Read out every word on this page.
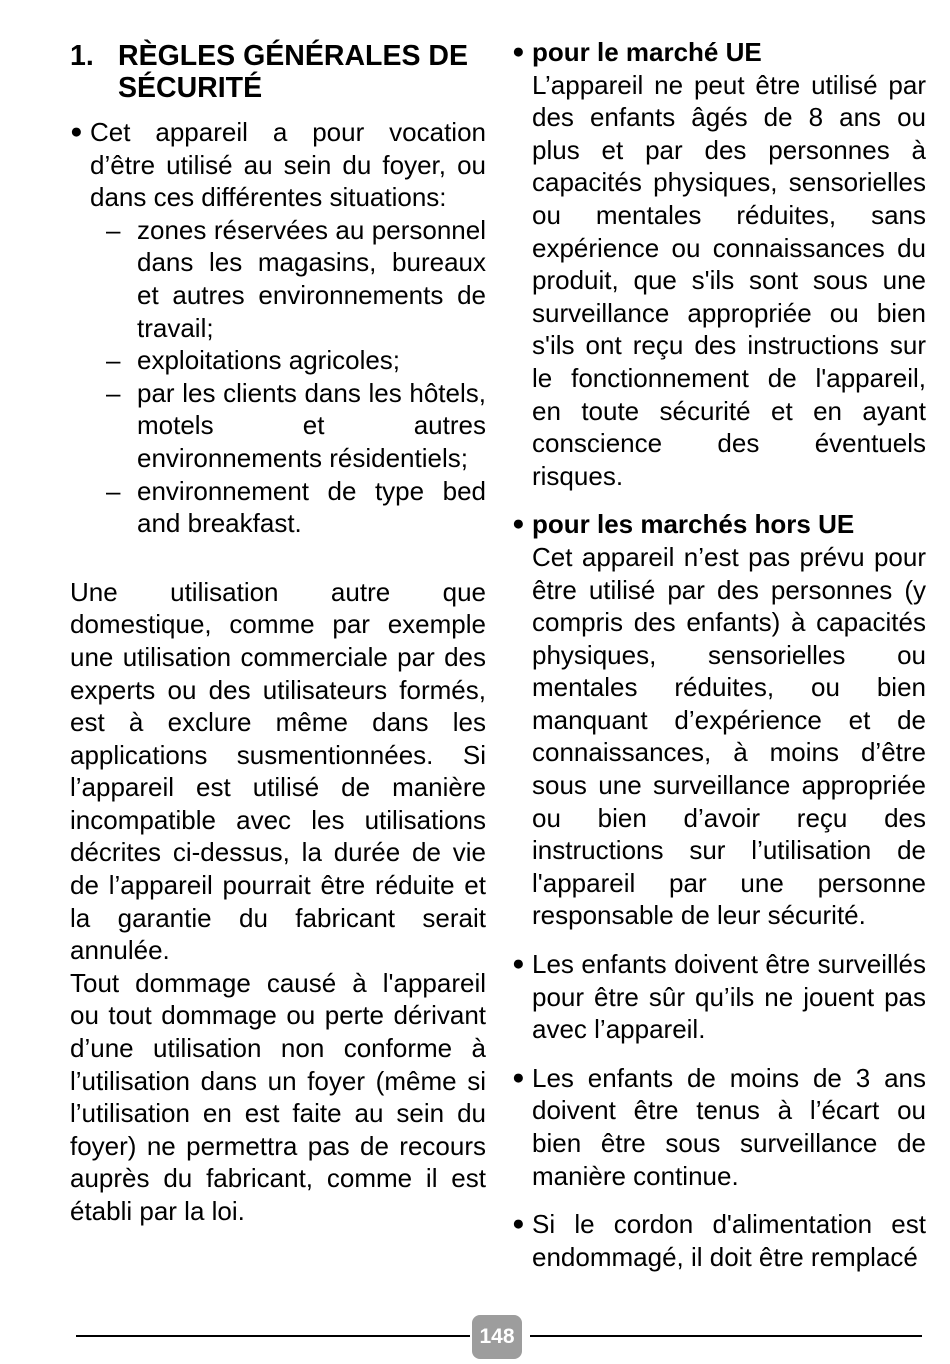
1. RÈGLES GÉNÉRALES DE SÉCURITÉ
● Cet appareil a pour vocation d’être utilisé au sein du foyer, ou dans ces différentes situations:
– zones réservées au personnel dans les magasins, bureaux et autres environnements de travail;
– exploitations agricoles;
– par les clients dans les hôtels, motels et autres environnements résidentiels;
– environnement de type bed and breakfast.
Une utilisation autre que domestique, comme par exemple une utilisation commerciale par des experts ou des utilisateurs formés, est à exclure même dans les applications susmentionnées. Si l’appareil est utilisé de manière incompatible avec les utilisations décrites ci-dessus, la durée de vie de l’appareil pourrait être réduite et la garantie du fabricant serait annulée.
Tout dommage causé à l'appareil ou tout dommage ou perte dérivant d’une utilisation non conforme à l’utilisation dans un foyer (même si l’utilisation en est faite au sein du foyer) ne permettra pas de recours auprès du fabricant, comme il est établi par la loi.
● pour le marché UE
L’appareil ne peut être utilisé par des enfants âgés de 8 ans ou plus et par des personnes à capacités physiques, sensorielles ou mentales réduites, sans expérience ou connaissances du produit, que s'ils sont sous une surveillance appropriée ou bien s'ils ont reçu des instructions sur le fonctionnement de l'appareil, en toute sécurité et en ayant conscience des éventuels risques.
● pour les marchés hors UE
Cet appareil n’est pas prévu pour être utilisé par des personnes (y compris des enfants) à capacités physiques, sensorielles ou mentales réduites, ou bien manquant d’expérience et de connaissances, à moins d’être sous une surveillance appropriée ou bien d’avoir reçu des instructions sur l’utilisation de l'appareil par une personne responsable de leur sécurité.
● Les enfants doivent être surveillés pour être sûr qu’ils ne jouent pas avec l’appareil.
● Les enfants de moins de 3 ans doivent être tenus à l’écart ou bien être sous surveillance de manière continue.
● Si le cordon d'alimentation est endommagé, il doit être remplacé
148
